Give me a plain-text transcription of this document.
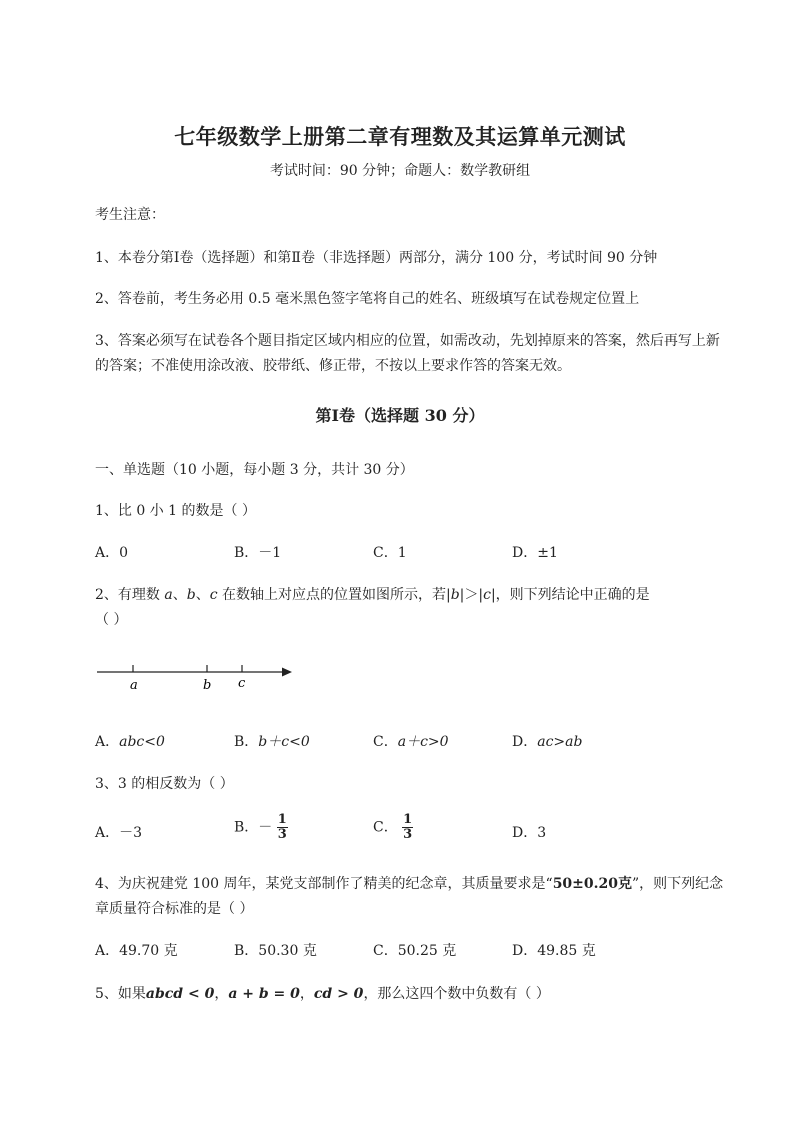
七年级数学上册第二章有理数及其运算单元测试
考试时间：90 分钟；命题人：数学教研组
考生注意：
1、本卷分第Ⅰ卷（选择题）和第Ⅱ卷（非选择题）两部分，满分 100 分，考试时间 90 分钟
2、答卷前，考生务必用 0.5 毫米黑色签字笔将自己的姓名、班级填写在试卷规定位置上
3、答案必须写在试卷各个题目指定区域内相应的位置，如需改动，先划掉原来的答案，然后再写上新
的答案；不准使用涂改液、胶带纸、修正带，不按以上要求作答的答案无效。
第Ⅰ卷（选择题 30 分）
一、单选题（10 小题，每小题 3 分，共计 30 分）
1、比 0 小 1 的数是（ ）
A．0	B．－1	C．1	D．±1
2、有理数 a、b、c 在数轴上对应点的位置如图所示，若|b|＞|c|，则下列结论中正确的是
（ ）
a	b c
A．abc<0	B．b＋c<0	C．a＋c>0	D．ac>ab
3、3 的相反数为（ ）
A．－3	B．－ $\frac{1}{3}$	C． $\frac{1}{3}$	D．3
4、为庆祝建党 100 周年，某党支部制作了精美的纪念章，其质量要求是“50±0.20克”，则下列纪念
章质量符合标准的是（ ）
A．49.70 克	B．50.30 克	C．50.25 克	D．49.85 克
5、如果abcd < 0，a + b = 0，cd > 0，那么这四个数中负数有（ ）
